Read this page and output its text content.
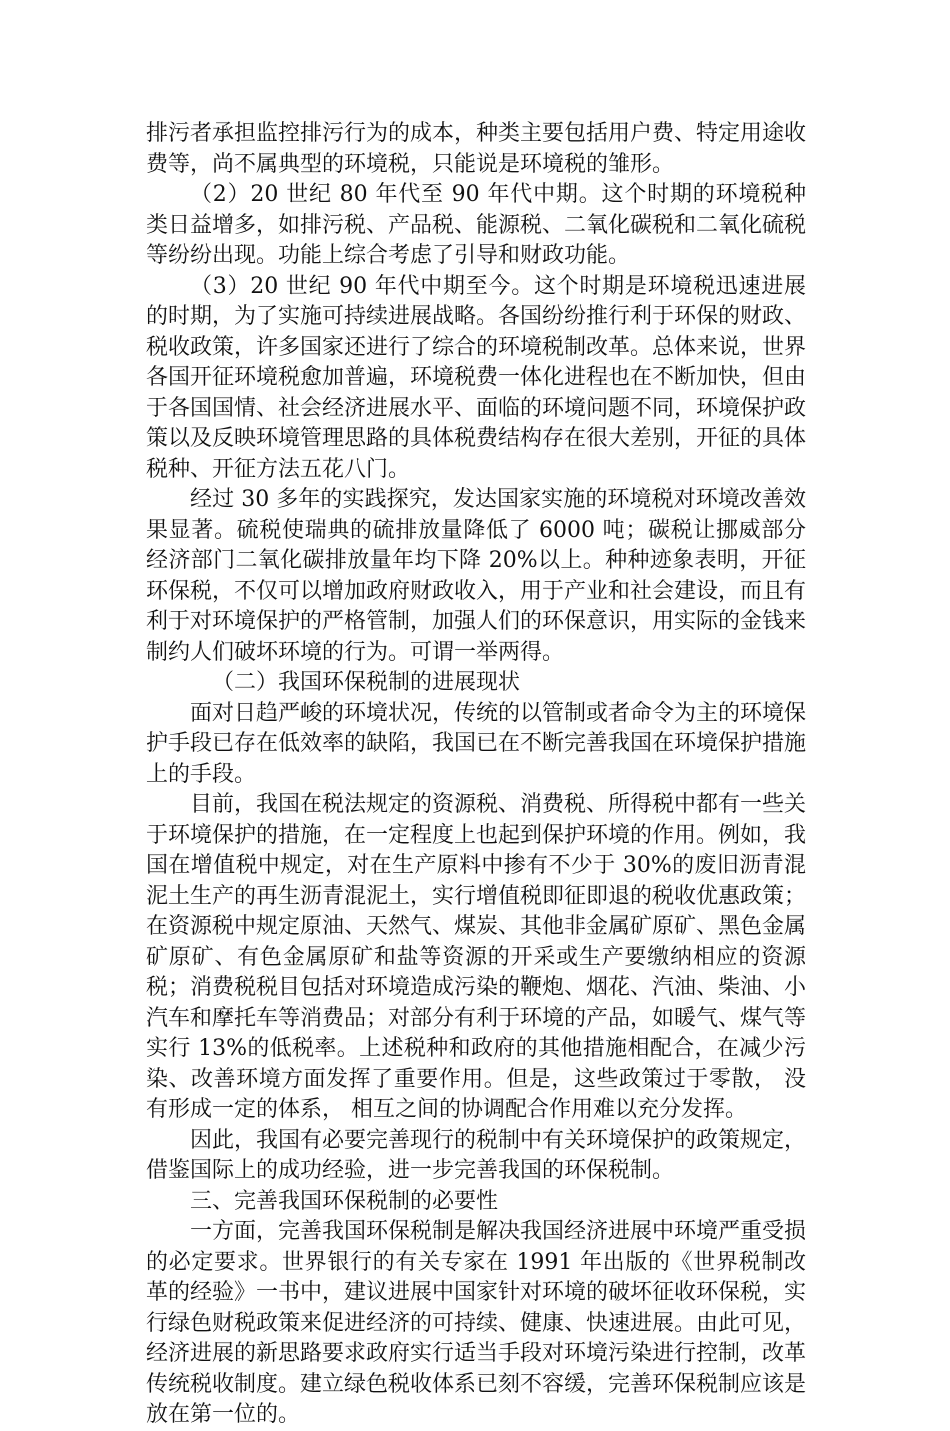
排污者承担监控排污行为的成本，种类主要包括用户费、特定用途收费等，尚不属典型的环境税，只能说是环境税的雏形。

（2）20 世纪 80 年代至 90 年代中期。这个时期的环境税种类日益增多，如排污税、产品税、能源税、二氧化碳税和二氧化硫税等纷纷出现。功能上综合考虑了引导和财政功能。

（3）20 世纪 90 年代中期至今。这个时期是环境税迅速进展的时期，为了实施可持续进展战略。各国纷纷推行利于环保的财政、税收政策，许多国家还进行了综合的环境税制改革。总体来说，世界各国开征环境税愈加普遍，环境税费一体化进程也在不断加快，但由于各国国情、社会经济进展水平、面临的环境问题不同，环境保护政策以及反映环境管理思路的具体税费结构存在很大差别，开征的具体税种、开征方法五花八门。

经过 30 多年的实践探究，发达国家实施的环境税对环境改善效果显著。硫税使瑞典的硫排放量降低了 6000 吨；碳税让挪威部分经济部门二氧化碳排放量年均下降 20%以上。种种迹象表明，开征环保税，不仅可以增加政府财政收入，用于产业和社会建设，而且有利于对环境保护的严格管制，加强人们的环保意识，用实际的金钱来制约人们破坏环境的行为。可谓一举两得。

（二）我国环保税制的进展现状

面对日趋严峻的环境状况，传统的以管制或者命令为主的环境保护手段已存在低效率的缺陷，我国已在不断完善我国在环境保护措施上的手段。

目前，我国在税法规定的资源税、消费税、所得税中都有一些关于环境保护的措施，在一定程度上也起到保护环境的作用。例如，我国在增值税中规定，对在生产原料中掺有不少于 30%的废旧沥青混泥土生产的再生沥青混泥土，实行增值税即征即退的税收优惠政策；在资源税中规定原油、天然气、煤炭、其他非金属矿原矿、黑色金属矿原矿、有色金属原矿和盐等资源的开采或生产要缴纳相应的资源税；消费税税目包括对环境造成污染的鞭炮、烟花、汽油、柴油、小汽车和摩托车等消费品；对部分有利于环境的产品，如暖气、煤气等实行 13%的低税率。上述税种和政府的其他措施相配合，在减少污染、改善环境方面发挥了重要作用。但是，这些政策过于零散， 没有形成一定的体系， 相互之间的协调配合作用难以充分发挥。

因此，我国有必要完善现行的税制中有关环境保护的政策规定，借鉴国际上的成功经验，进一步完善我国的环保税制。

三、完善我国环保税制的必要性

一方面，完善我国环保税制是解决我国经济进展中环境严重受损的必定要求。世界银行的有关专家在 1991 年出版的《世界税制改革的经验》一书中，建议进展中国家针对环境的破坏征收环保税，实行绿色财税政策来促进经济的可持续、健康、快速进展。由此可见，经济进展的新思路要求政府实行适当手段对环境污染进行控制，改革传统税收制度。建立绿色税收体系已刻不容缓，完善环保税制应该是放在第一位的。
